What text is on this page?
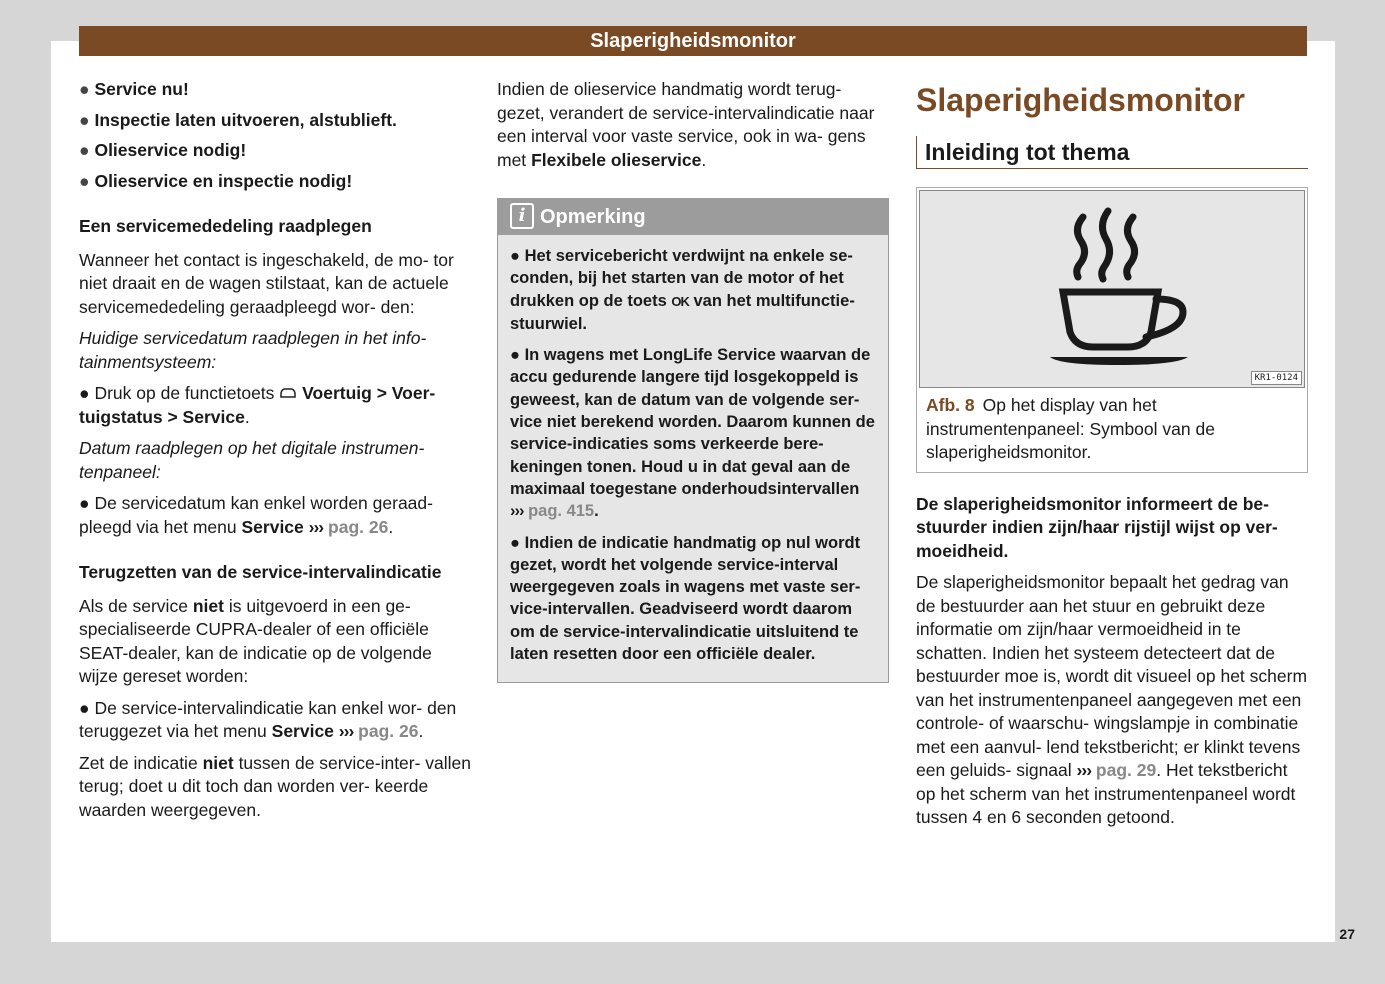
Slaperigheidsmonitor
● Service nu!
● Inspectie laten uitvoeren, alstublieft.
● Olieservice nodig!
● Olieservice en inspectie nodig!
Een servicemededeling raadplegen

Wanneer het contact is ingeschakeld, de mo- tor niet draait en de wagen stilstaat, kan de actuele servicemededeling geraadpleegd wor- den:

Huidige servicedatum raadplegen in het info- tainmentsysteem:

● Druk op de functietoets Voertuig > Voer- tuigstatus > Service.

Datum raadplegen op het digitale instrumen- tenpaneel:

● De servicedatum kan enkel worden geraad- pleegd via het menu Service ››› pag. 26.

Terugzetten van de service-intervalindicatie

Als de service niet is uitgevoerd in een ge- specialiseerde CUPRA-dealer of een officiële SEAT-dealer, kan de indicatie op de volgende wijze gereset worden:

● De service-intervalindicatie kan enkel wor- den teruggezet via het menu Service ››› pag. 26.

Zet de indicatie niet tussen de service-inter- vallen terug; doet u dit toch dan worden ver- keerde waarden weergegeven.

Indien de olieservice handmatig wordt terug- gezet, verandert de service-intervalindicatie naar een interval voor vaste service, ook in wa- gens met Flexibele olieservice.

i Opmerking
● Het servicebericht verdwijnt na enkele se- conden, bij het starten van de motor of het drukken op de toets OK van het multifunctie- stuurwiel.
● In wagens met LongLife Service waarvan de accu gedurende langere tijd losgekoppeld is geweest, kan de datum van de volgende ser- vice niet berekend worden. Daarom kunnen de service-indicaties soms verkeerde bere- keningen tonen. Houd u in dat geval aan de maximaal toegestane onderhoudsintervallen ››› pag. 415.
● Indien de indicatie handmatig op nul wordt gezet, wordt het volgende service-interval weergegeven zoals in wagens met vaste ser- vice-intervallen. Geadviseerd wordt daarom om de service-intervalindicatie uitsluitend te laten resetten door een officiële dealer.
Slaperigheidsmonitor
Inleiding tot thema
KR1-0124
Afb. 8 Op het display van het instrumentenpaneel: Symbool van de slaperigheidsmonitor.

De slaperigheidsmonitor informeert de be- stuurder indien zijn/haar rijstijl wijst op ver- moeidheid.

De slaperigheidsmonitor bepaalt het gedrag van de bestuurder aan het stuur en gebruikt deze informatie om zijn/haar vermoeidheid in te schatten. Indien het systeem detecteert dat de bestuurder moe is, wordt dit visueel op het scherm van het instrumentenpaneel aangegeven met een controle- of waarschu- wingslampje in combinatie met een aanvul- lend tekstbericht; er klinkt tevens een geluids- signaal ››› pag. 29. Het tekstbericht op het scherm van het instrumentenpaneel wordt tussen 4 en 6 seconden getoond.

27
